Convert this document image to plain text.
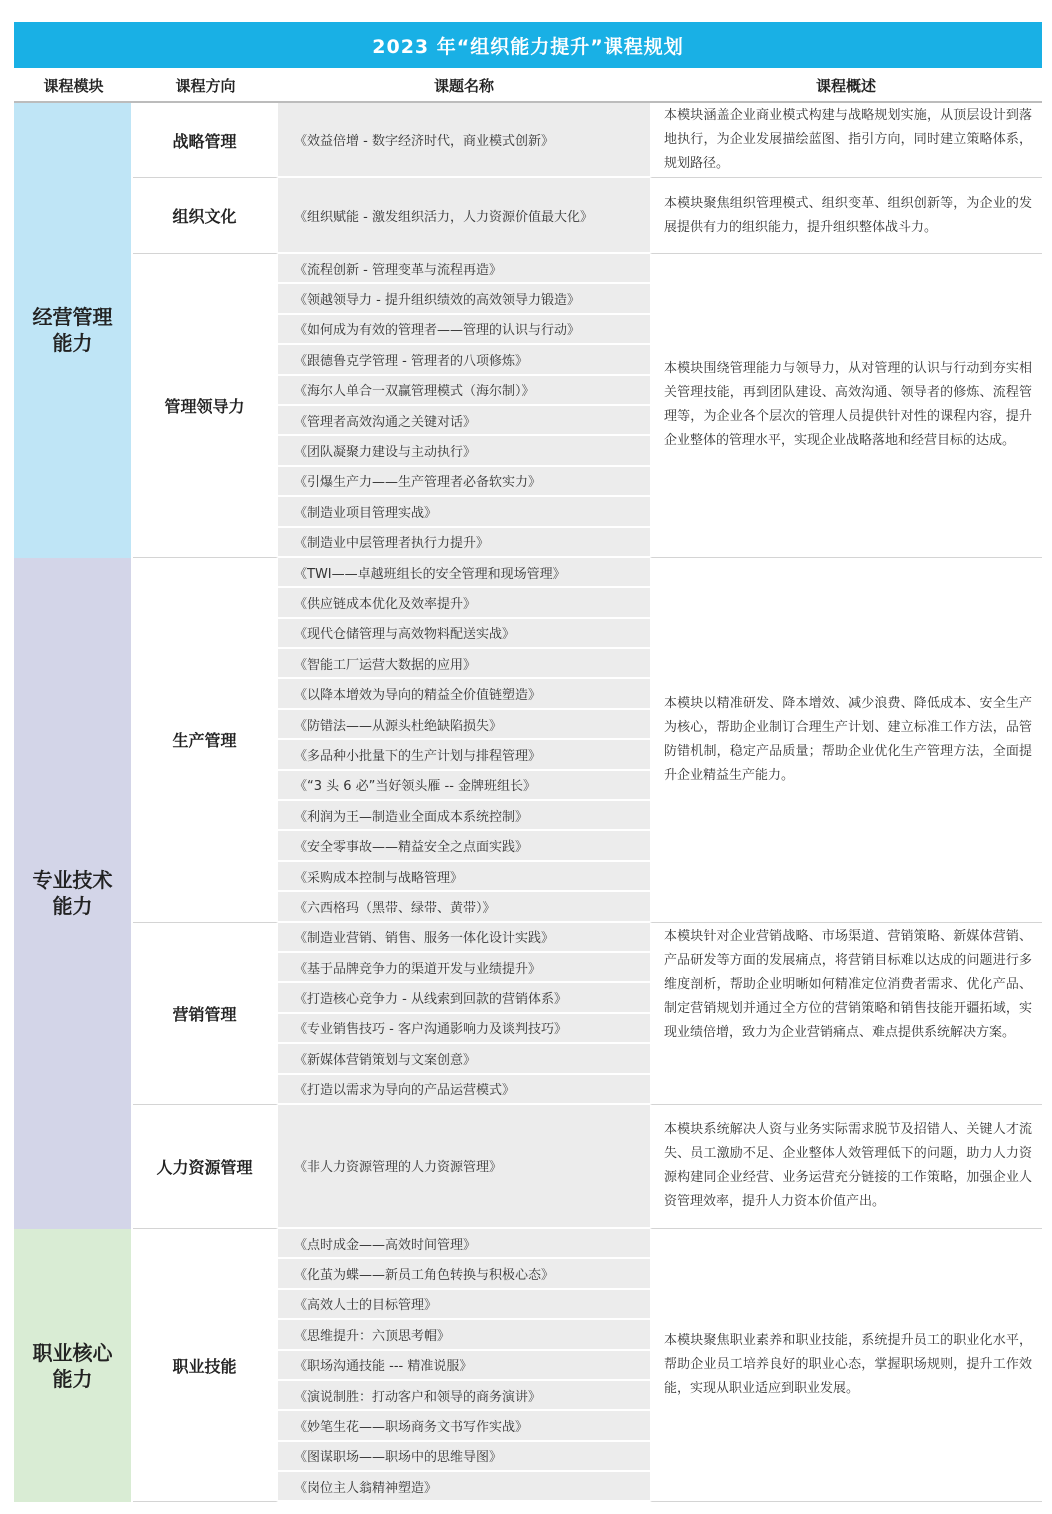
2023 年“组织能力提升”课程规划
课程模块	课程方向	课题名称	课程概述
经营管理能力	战略管理	《效益倍增 - 数字经济时代，商业模式创新》	本模块涵盖企业商业模式构建与战略规划实施，从顶层设计到落地执行，为企业发展描绘蓝图、指引方向，同时建立策略体系，规划路径。
	组织文化	《组织赋能 - 激发组织活力，人力资源价值最大化》	本模块聚焦组织管理模式、组织变革、组织创新等，为企业的发展提供有力的组织能力，提升组织整体战斗力。
	管理领导力	《流程创新 - 管理变革与流程再造》	本模块围绕管理能力与领导力，从对管理的认识与行动到夯实相关管理技能，再到团队建设、高效沟通、领导者的修炼、流程管理等，为企业各个层次的管理人员提供针对性的课程内容，提升企业整体的管理水平，实现企业战略落地和经营目标的达成。
		《领越领导力 - 提升组织绩效的高效领导力锻造》	
		《如何成为有效的管理者——管理的认识与行动》	
		《跟德鲁克学管理 - 管理者的八项修炼》	
		《海尔人单合一双赢管理模式（海尔制）》	
		《管理者高效沟通之关键对话》	
		《团队凝聚力建设与主动执行》	
		《引爆生产力——生产管理者必备软实力》	
		《制造业项目管理实战》	
		《制造业中层管理者执行力提升》	
专业技术能力	生产管理	《TWI——卓越班组长的安全管理和现场管理》	本模块以精准研发、降本增效、减少浪费、降低成本、安全生产为核心，帮助企业制订合理生产计划、建立标准工作方法，品管防错机制，稳定产品质量；帮助企业优化生产管理方法，全面提升企业精益生产能力。
		《供应链成本优化及效率提升》	
		《现代仓储管理与高效物料配送实战》	
		《智能工厂运营大数据的应用》	
		《以降本增效为导向的精益全价值链塑造》	
		《防错法——从源头杜绝缺陷损失》	
		《多品种小批量下的生产计划与排程管理》	
		《“3 头 6 必”当好领头雁 -- 金牌班组长》	
		《利润为王—制造业全面成本系统控制》	
		《安全零事故——精益安全之点面实践》	
		《采购成本控制与战略管理》	
		《六西格玛（黑带、绿带、黄带）》	
	营销管理	《制造业营销、销售、服务一体化设计实践》	本模块针对企业营销战略、市场渠道、营销策略、新媒体营销、产品研发等方面的发展痛点，将营销目标难以达成的问题进行多维度剖析，帮助企业明晰如何精准定位消费者需求、优化产品、制定营销规划并通过全方位的营销策略和销售技能开疆拓域，实现业绩倍增，致力为企业营销痛点、难点提供系统解决方案。
		《基于品牌竞争力的渠道开发与业绩提升》	
		《打造核心竞争力 - 从线索到回款的营销体系》	
		《专业销售技巧 - 客户沟通影响力及谈判技巧》	
		《新媒体营销策划与文案创意》	
		《打造以需求为导向的产品运营模式》	
	人力资源管理	《非人力资源管理的人力资源管理》	本模块系统解决人资与业务实际需求脱节及招错人、关键人才流失、员工激励不足、企业整体人效管理低下的问题，助力人力资源构建同企业经营、业务运营充分链接的工作策略，加强企业人资管理效率，提升人力资本价值产出。
职业核心能力	职业技能	《点时成金——高效时间管理》	本模块聚焦职业素养和职业技能，系统提升员工的职业化水平，帮助企业员工培养良好的职业心态，掌握职场规则，提升工作效能，实现从职业适应到职业发展。
		《化茧为蝶——新员工角色转换与积极心态》	
		《高效人士的目标管理》	
		《思维提升：六顶思考帽》	
		《职场沟通技能 --- 精准说服》	
		《演说制胜：打动客户和领导的商务演讲》	
		《妙笔生花——职场商务文书写作实战》	
		《图谋职场——职场中的思维导图》	
		《岗位主人翁精神塑造》	
